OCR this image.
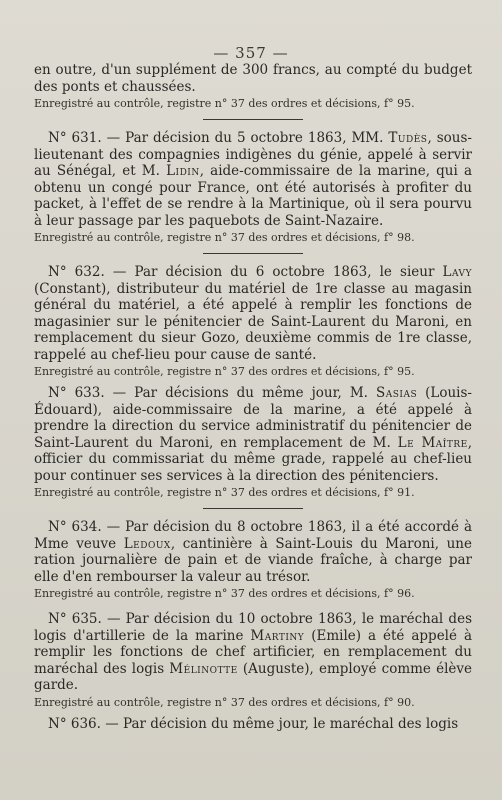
— 357 —

en outre, d'un supplément de 300 francs, au compté du budget des ponts et chaussées.

Enregistré au contrôle, registre n° 37 des ordres et décisions, f° 95.

N° 631. — Par décision du 5 octobre 1863, MM. Tudès, sous-lieutenant des compagnies indigènes du génie, appelé à servir au Sénégal, et M. Lidin, aide-commissaire de la marine, qui a obtenu un congé pour France, ont été autorisés à profiter du packet, à l'effet de se rendre à la Martinique, où il sera pourvu à leur passage par les paquebots de Saint-Nazaire.

Enregistré au contrôle, registre n° 37 des ordres et décisions, f° 98.

N° 632. — Par décision du 6 octobre 1863, le sieur Lavy (Constant), distributeur du matériel de 1re classe au magasin général du matériel, a été appelé à remplir les fonctions de magasinier sur le pénitencier de Saint-Laurent du Maroni, en remplacement du sieur Gozo, deuxième commis de 1re classe, rappelé au chef-lieu pour cause de santé.

Enregistré au contrôle, registre n° 37 des ordres et décisions, f° 95.

N° 633. — Par décisions du même jour, M. Sasias (Louis-Édouard), aide-commissaire de la marine, a été appelé à prendre la direction du service administratif du pénitencier de Saint-Laurent du Maroni, en remplacement de M. Le Maître, officier du commissariat du même grade, rappelé au chef-lieu pour continuer ses services à la direction des pénitenciers.

Enregistré au contrôle, registre n° 37 des ordres et décisions, f° 91.

N° 634. — Par décision du 8 octobre 1863, il a été accordé à Mme veuve Ledoux, cantinière à Saint-Louis du Maroni, une ration journalière de pain et de viande fraîche, à charge par elle d'en rembourser la valeur au trésor.

Enregistré au contrôle, registre n° 37 des ordres et décisions, f° 96.

N° 635. — Par décision du 10 octobre 1863, le maréchal des logis d'artillerie de la marine Martiny (Emile) a été appelé à remplir les fonctions de chef artificier, en remplacement du maréchal des logis Mélinotte (Auguste), employé comme élève garde.

Enregistré au contrôle, registre n° 37 des ordres et décisions, f° 90.

N° 636. — Par décision du même jour, le maréchal des logis
